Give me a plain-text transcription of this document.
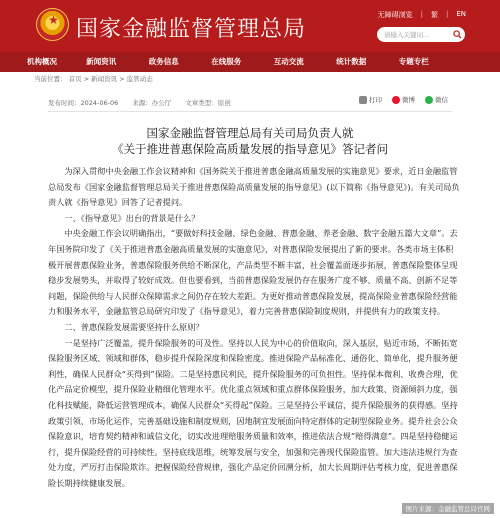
★ 国家金融监督管理总局
无障碍浏览 | 繁 | EN
请输入关键词...
机构概况	新闻资讯	政务信息	在线服务	互动交流	统计数据	专题专栏
当前位置： 首页 > 新闻资讯 > 监管动态
发布时间：2024-06-06 来源：办公厅 文章类型：原创	打印	微博	微信
国家金融监督管理总局有关司局负责人就
《关于推进普惠保险高质量发展的指导意见》答记者问

为深入贯彻中央金融工作会议精神和《国务院关于推进普惠金融高质量发展的实施意见》要求，近日金融监管总局发布《国家金融监督管理总局关于推进普惠保险高质量发展的指导意见》(以下简称《指导意见》)。有关司局负责人就《指导意见》回答了记者提问。

一、《指导意见》出台的背景是什么？

中央金融工作会议明确指出，“要做好科技金融、绿色金融、普惠金融、养老金融、数字金融五篇大文章”。去年国务院印发了《关于推进普惠金融高质量发展的实施意见》，对普惠保险发展提出了新的要求。各类市场主体积极开展普惠保险业务，普惠保险服务供给不断深化，产品类型不断丰富，社会覆盖面逐步拓展，普惠保险整体呈现稳步发展势头，并取得了较好成效。但也要看到，当前普惠保险发展仍存在服务广度不够、质量不高、创新不足等问题，保险供给与人民群众保障需求之间仍存在较大差距。为更好推动普惠保险发展，提高保险业普惠保险经营能力和服务水平，金融监管总局研究印发了《指导意见》，着力完善普惠保险制度规则，并提供有力的政策支持。

二、普惠保险发展需要坚持什么原则？

一是坚持广泛覆盖，提升保险服务的可及性。坚持以人民为中心的价值取向，深入基层，贴近市场，不断拓宽保险服务区域、领域和群体，稳步提升保险深度和保险密度。推进保险产品标准化、通俗化、简单化，提升服务便利性，确保人民群众“买得到”保险。二是坚持惠民利民，提升保险服务的可负担性。坚持保本微利、收费合理，优化产品定价模型，提升保险业精细化管理水平。优化重点领域和重点群体保险服务，加大政策、资源倾斜力度，强化科技赋能，降低运营管理成本，确保人民群众“买得起”保险。三是坚持公平诚信，提升保险服务的获得感。坚持政策引领、市场化运作，完善基础设施和制度规则，因地制宜发展面向特定群体的定制型保险业务。提升社会公众保险意识，培育契约精神和诚信文化，切实改进理赔服务质量和效率，推进依法合规“赔得满意”。四是坚持稳健运行，提升保险经营的可持续性。坚持底线思维，统筹发展与安全，加强和完善现代保险监管。加大违法违规行为查处力度，严厉打击保险欺诈。把握保险经营规律，强化产品定价回溯分析，加大长周期评估考核力度，促进普惠保险长期持续健康发展。

图片来源：金融监管总局官网
